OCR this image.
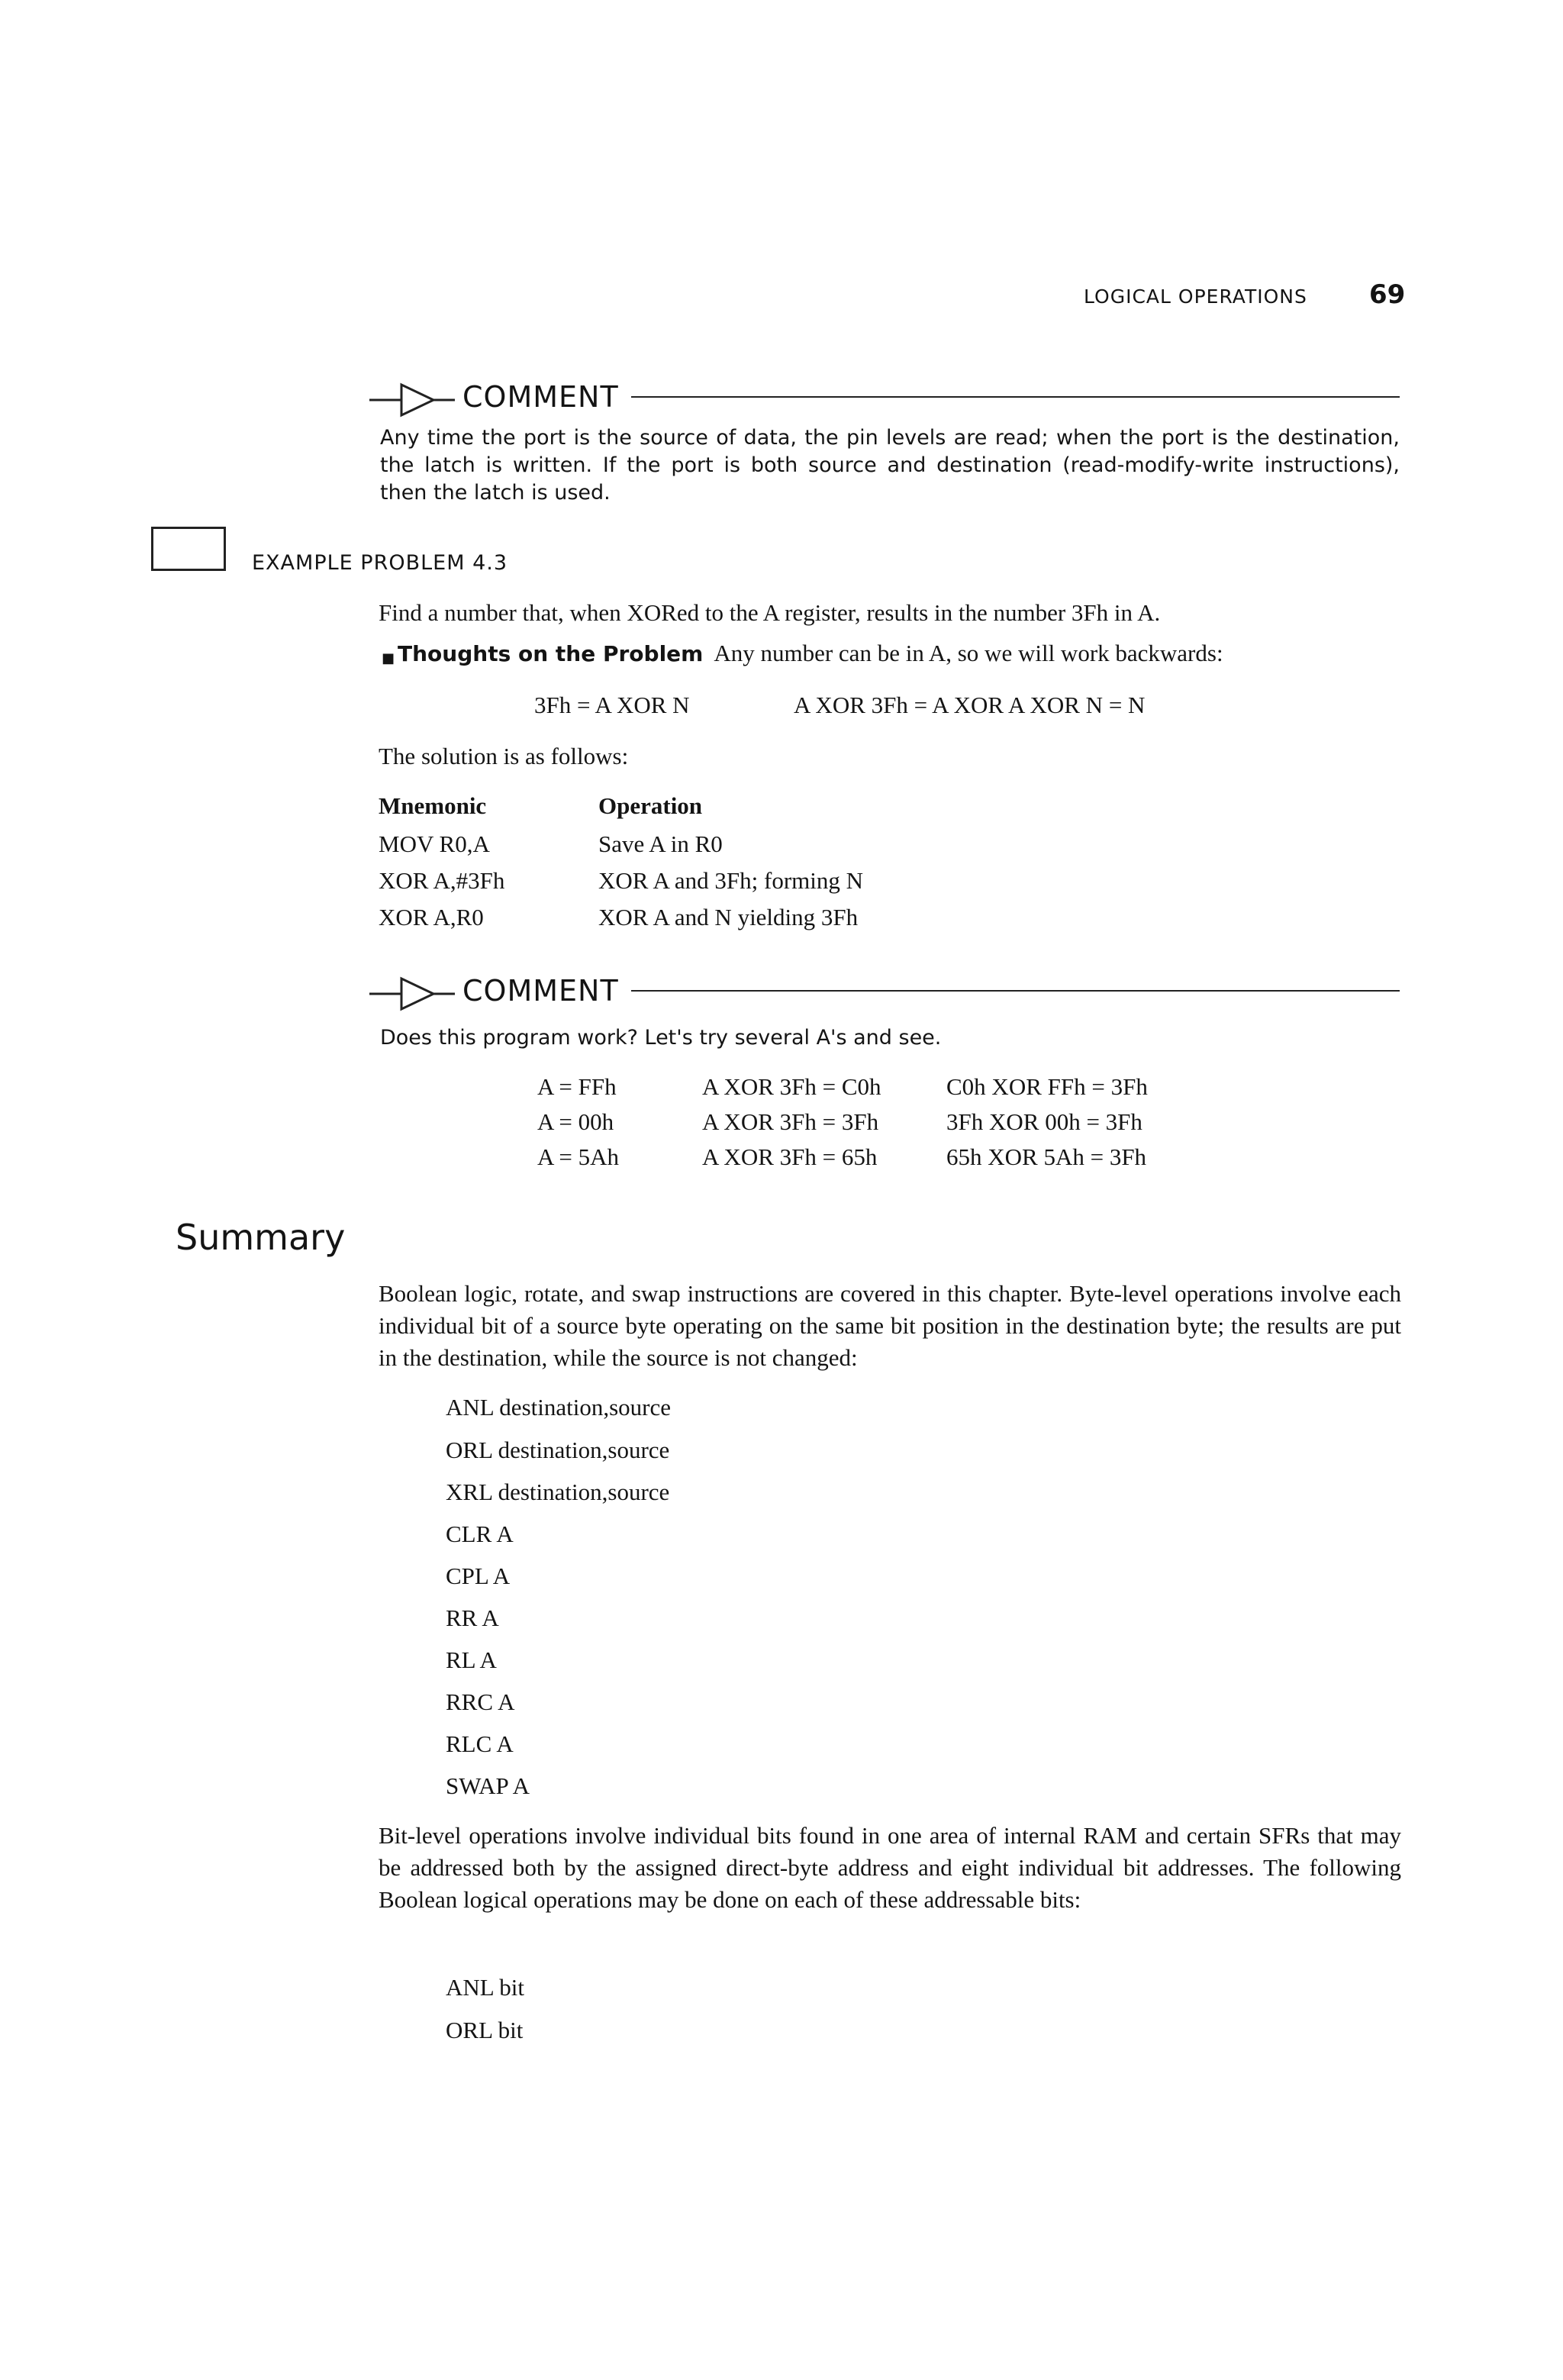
LOGICAL OPERATIONS 69
COMMENT
Any time the port is the source of data, the pin levels are read; when the port is the destination, the latch is written. If the port is both source and destination (read-modify-write instructions), then the latch is used.
EXAMPLE PROBLEM 4.3
Find a number that, when XORed to the A register, results in the number 3Fh in A.
■ Thoughts on the Problem Any number can be in A, so we will work backwards:
3Fh = A XOR N	A XOR 3Fh = A XOR A XOR N = N
The solution is as follows:
Mnemonic	Operation
MOV R0,A	Save A in R0
XOR A,#3Fh	XOR A and 3Fh; forming N
XOR A,R0	XOR A and N yielding 3Fh
COMMENT
Does this program work? Let's try several A's and see.
A = FFh	A XOR 3Fh = C0h	C0h XOR FFh = 3Fh
A = 00h	A XOR 3Fh = 3Fh	3Fh XOR 00h = 3Fh
A = 5Ah	A XOR 3Fh = 65h	65h XOR 5Ah = 3Fh
Summary
Boolean logic, rotate, and swap instructions are covered in this chapter. Byte-level operations involve each individual bit of a source byte operating on the same bit position in the destination byte; the results are put in the destination, while the source is not changed:
ANL destination,source
ORL destination,source
XRL destination,source
CLR A
CPL A
RR A
RL A
RRC A
RLC A
SWAP A
Bit-level operations involve individual bits found in one area of internal RAM and certain SFRs that may be addressed both by the assigned direct-byte address and eight individual bit addresses. The following Boolean logical operations may be done on each of these addressable bits:
ANL bit
ORL bit
